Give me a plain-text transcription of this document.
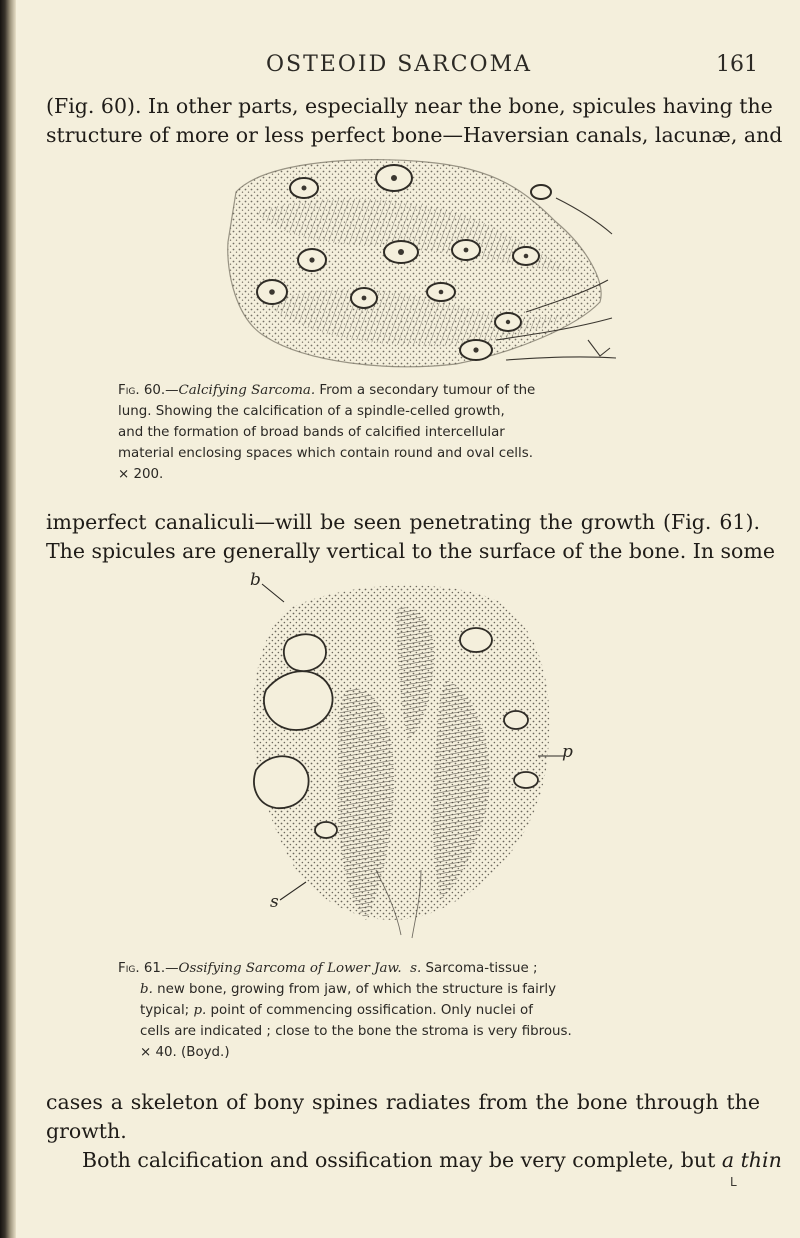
OSTEOID SARCOMA	161

(Fig. 60). In other parts, especially near the bone, spicules having the
structure of more or less perfect bone—Haversian canals, lacunæ, and

Fig. 60.—Calcifying Sarcoma. From a secondary tumour of the
lung. Showing the calcification of a spindle-celled growth,
and the formation of broad bands of calcified intercellular
material enclosing spaces which contain round and oval cells.
× 200.

imperfect canaliculi—will be seen penetrating the growth (Fig. 61).
The spicules are generally vertical to the surface of the bone. In some

b
p
s
Fig. 61.—Ossifying Sarcoma of Lower Jaw. s. Sarcoma-tissue ;
b. new bone, growing from jaw, of which the structure is fairly
typical; p. point of commencing ossification. Only nuclei of
cells are indicated ; close to the bone the stroma is very fibrous.
× 40. (Boyd.)

cases a skeleton of bony spines radiates from the bone through the
growth.

Both calcification and ossification may be very complete, but a thin

L
